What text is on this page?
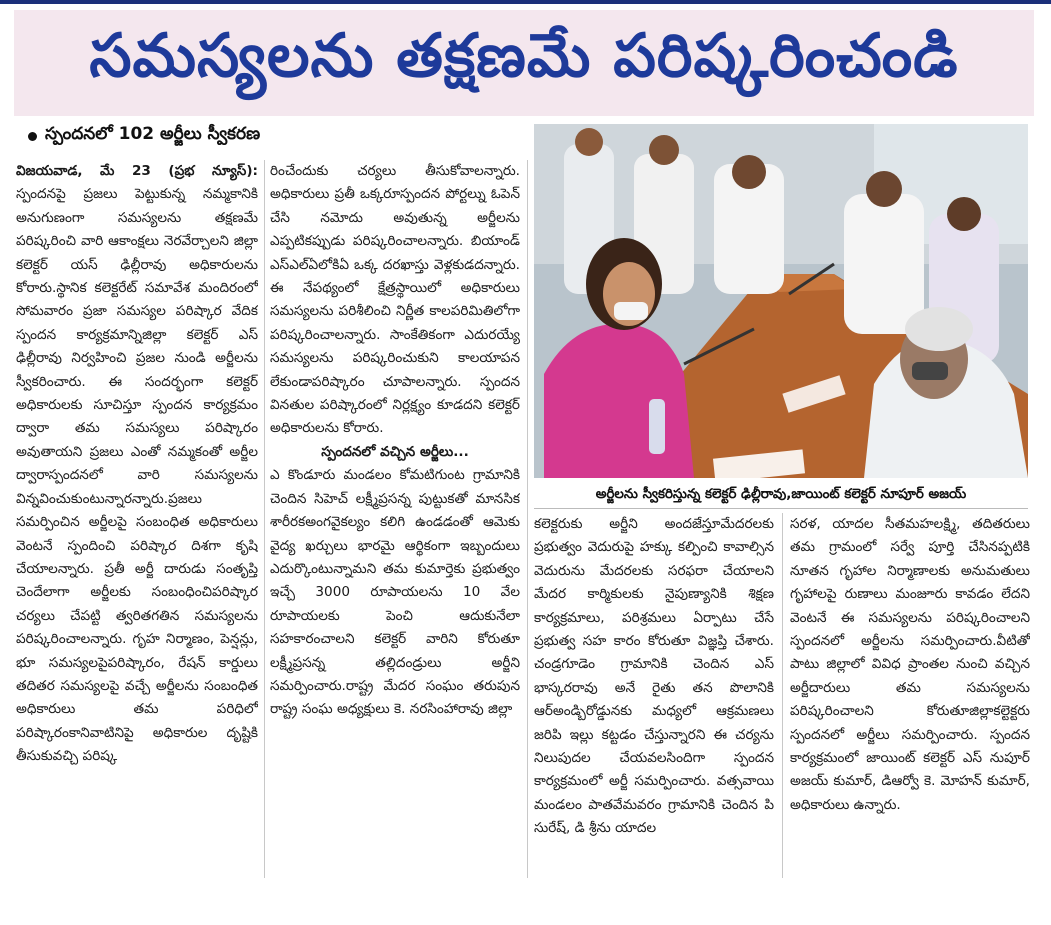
సమస్యలను తక్షణమే పరిష్కరించండి
స్పందనలో 102 అర్జీలు స్వీకరణ

విజయవాడ, మే 23 (ప్రభ న్యూస్): స్పందనపై ప్రజలు పెట్టుకున్న నమ్మకానికి అనుగుణంగా సమస్యలను తక్షణమే పరిష్కరించి వారి ఆకాంక్షలు నెరవేర్చాలని జిల్లా కలెక్టర్ యస్ ఢిల్లీరావు అధికారులను కోరారు.స్థానిక కలెక్టరేట్ సమావేశ మందిరంలో సోమవారం ప్రజా సమస్యల పరిష్కార వేదిక స్పందన కార్యక్రమాన్నిజిల్లా కలెక్టర్ ఎస్ ఢిల్లీరావు నిర్వహించి ప్రజల నుండి అర్జీలను స్వీకరించారు. ఈ సందర్భంగా కలెక్టర్ అధికారులకు సూచిస్తూ స్పందన కార్యక్రమం ద్వారా తమ సమస్యలు పరిష్కారం అవుతాయని ప్రజలు ఎంతో నమ్మకంతో అర్జీల ద్వారాస్పందనలో వారి సమస్యలను విన్నవించుకుంటున్నారన్నారు.ప్రజలు సమర్పించిన అర్జీలపై సంబంధిత అధికారులు వెంటనే స్పందించి పరిష్కార దిశగా కృషి చేయాలన్నారు. ప్రతీ అర్జీ దారుడు సంతృప్తి చెందేలాగా అర్జీలకు సంబంధించిపరిష్కార చర్యలు చేపట్టి త్వరితగతిన సమస్యలను పరిష్కరించాలన్నారు. గృహ నిర్మాణం, పెన్షన్లు, భూ సమస్యలపైపరిష్కారం, రేషన్ కార్డులు తదితర సమస్యలపై వచ్చే అర్జీలను సంబంధిత అధికారులు తమ పరిధిలో పరిష్కారంకానివాటినిపై అధికారుల దృష్టికి తీసుకువచ్చి పరిష్క

రించేందుకు చర్యలు తీసుకోవాలన్నారు. అధికారులు ప్రతీ ఒక్కరూస్పందన పోర్టల్ను ఓపెన్ చేసి నవెూదు అవుతున్న అర్జీలను ఎప్పటికప్పుడు పరిష్కరించాలన్నారు. బియాండ్ ఎస్ఎల్ఏలోకిఏ ఒక్క దరఖాస్తు వెళ్లకుడదన్నారు. ఈ నేపథ్యంలో క్షేత్రస్థాయిలో అధికారులు సమస్యలను పరిశీలించి నిర్ణీత కాలపరిమితిలోగా పరిష్కరించాలన్నారు. సాంకేతికంగా ఎదురయ్యే సమస్యలను పరిష్కరించుకుని కాలయాపన లేకుండాపరిష్కారం చూపాలన్నారు. స్పందన వినతుల పరిష్కారంలో నిర్లక్ష్యం కూడదని కలెక్టర్ అధికారులను కోరారు.

స్పందనలో వచ్చిన అర్జీలు...

ఎ కొండూరు మండలం కోమటిగుంట గ్రామానికి చెందిన సిహెచ్ లక్ష్మీప్రసన్న పుట్టుకతో మానసిక శారీరకఅంగవైకల్యం కలిగి ఉండడంతో ఆమెకు వైద్య ఖర్చులు భారమై ఆర్థికంగా ఇబ్బందులు ఎదుర్కొంటున్నామని తమ కుమార్తెకు ప్రభుత్వం ఇచ్చే 3000 రూపాయలను 10 వేల రూపాయలకు పెంచి ఆదుకునేలా సహకారంచాలని కలెక్టర్ వారిని కోరుతూ లక్ష్మీప్రసన్న తల్లిదండ్రులు అర్జీని సమర్పించారు.రాష్ట్ర మేదర సంఘం తరుపున రాష్ట్ర సంఘ అధ్యక్షులు కె. నరసింహారావు జిల్లా

అర్జీలను స్వీకరిస్తున్న కలెక్టర్ ఢిల్లీరావు,జాయింట్ కలెక్టర్ నూపూర్ అజయ్

కలెక్టరుకు అర్జీని అందజేస్తూమేదరలకు ప్రభుత్వం వెదురుపై హక్కు కల్పించి కావాల్సిన వెదురును మేదరలకు సరఫరా చేయాలని మేదర కార్మికులకు నైపుణ్యానికి శిక్షణ కార్యక్రమాలు, పరిశ్రమలు ఏర్పాటు చేసే ప్రభుత్వ సహ కారం కోరుతూ విజ్ఞప్తి చేశారు. చండ్రగూడెం గ్రామానికి చెందిన ఎస్ భాస్కరరావు అనే రైతు తన పొలానికి ఆర్అండ్బిరోడ్డునకు మధ్యలో ఆక్రమణలు జరిపి ఇల్లు కట్టడం చేస్తున్నారని ఈ చర్యను నిలుపుదల చేయవలసిందిగా స్పందన కార్యక్రమంలో అర్జీ సమర్పించారు. వత్సవాయి మండలం పాతవేమవరం గ్రామానికి చెందిన పి సురేష్, డి శ్రీను యాదల

సరళ, యాదల సీతమహలక్ష్మి, తదితరులు తమ గ్రామంలో సర్వే పూర్తి చేసినప్పటికి నూతన గృహాల నిర్మాణాలకు అనుమతులు గృహాలపై రుణాలు మంజూరు కావడం లేదని వెంటనే ఈ సమస్యలను పరిష్కరించాలని స్పందనలో అర్జీలను సమర్పించారు.వీటితో పాటు జిల్లాలో వివిధ ప్రాంతల నుంచి వచ్చిన అర్జీదారులు తమ సమస్యలను పరిష్కరించాలని కోరుతూజిల్లాకల్టెక్టరు స్పందనలో అర్జీలు సమర్పించారు. స్పందన కార్యక్రమంలో జాయింట్ కలెక్టర్ ఎస్ నుపూర్ అజయ్ కుమార్, డిఆర్వో కె. వెూహన్ కుమార్, అధికారులు ఉన్నారు.
